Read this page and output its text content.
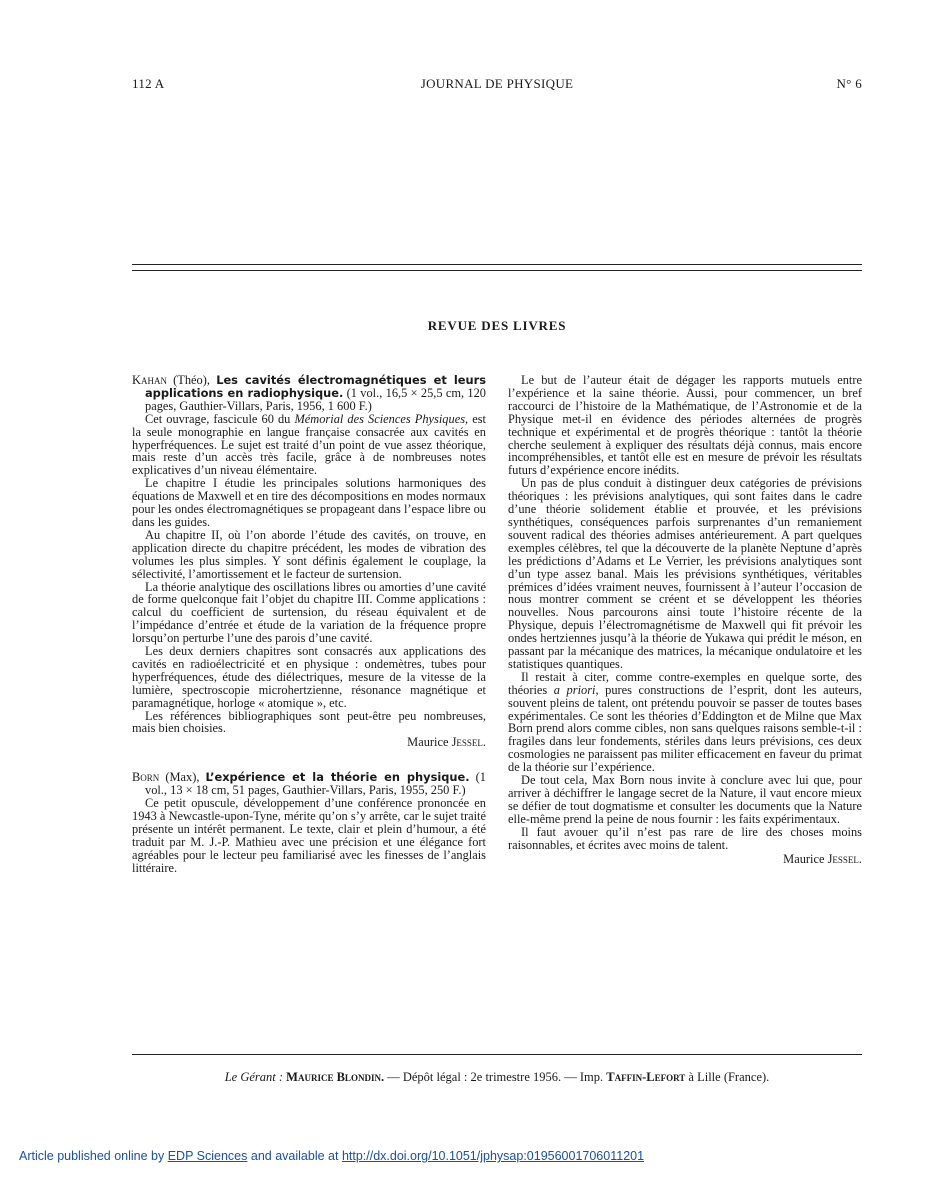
112 A	JOURNAL DE PHYSIQUE	N° 6
REVUE DES LIVRES

Kahan (Théo), Les cavités électromagnétiques et leurs applications en radiophysique. (1 vol., 16,5 × 25,5 cm, 120 pages, Gauthier-Villars, Paris, 1956, 1 600 F.)

Cet ouvrage, fascicule 60 du Mémorial des Sciences Physiques, est la seule monographie en langue française consacrée aux cavités en hyperfréquences. Le sujet est traité d’un point de vue assez théorique, mais reste d’un accès très facile, grâce à de nombreuses notes explicatives d’un niveau élémentaire.

Le chapitre I étudie les principales solutions harmoniques des équations de Maxwell et en tire des décompositions en modes normaux pour les ondes électromagnétiques se propageant dans l’espace libre ou dans les guides.

Au chapitre II, où l’on aborde l’étude des cavités, on trouve, en application directe du chapitre précédent, les modes de vibration des volumes les plus simples. Y sont définis également le couplage, la sélectivité, l’amortissement et le facteur de surtension.

La théorie analytique des oscillations libres ou amorties d’une cavité de forme quelconque fait l’objet du chapitre III. Comme applications : calcul du coefficient de surtension, du réseau équivalent et de l’impédance d’entrée et étude de la variation de la fréquence propre lorsqu’on perturbe l’une des parois d’une cavité.

Les deux derniers chapitres sont consacrés aux applications des cavités en radioélectricité et en physique : ondemètres, tubes pour hyperfréquences, étude des diélectriques, mesure de la vitesse de la lumière, spectroscopie microhertzienne, résonance magnétique et paramagnétique, horloge « atomique », etc.

Les références bibliographiques sont peut-être peu nombreuses, mais bien choisies.

Maurice Jessel.

Born (Max), L’expérience et la théorie en physique. (1 vol., 13 × 18 cm, 51 pages, Gauthier-Villars, Paris, 1955, 250 F.)

Ce petit opuscule, développement d’une conférence prononcée en 1943 à Newcastle-upon-Tyne, mérite qu’on s’y arrête, car le sujet traité présente un intérêt permanent. Le texte, clair et plein d’humour, a été traduit par M. J.-P. Mathieu avec une précision et une élégance fort agréables pour le lecteur peu familiarisé avec les finesses de l’anglais littéraire.

Le but de l’auteur était de dégager les rapports mutuels entre l’expérience et la saine théorie. Aussi, pour commencer, un bref raccourci de l’histoire de la Mathématique, de l’Astronomie et de la Physique met-il en évidence des périodes alternées de progrès technique et expérimental et de progrès théorique : tantôt la théorie cherche seulement à expliquer des résultats déjà connus, mais encore incompréhensibles, et tantôt elle est en mesure de prévoir les résultats futurs d’expérience encore inédits.

Un pas de plus conduit à distinguer deux catégories de prévisions théoriques : les prévisions analytiques, qui sont faites dans le cadre d’une théorie solidement établie et prouvée, et les prévisions synthétiques, conséquences parfois surprenantes d’un remaniement souvent radical des théories admises antérieurement. A part quelques exemples célèbres, tel que la découverte de la planète Neptune d’après les prédictions d’Adams et Le Verrier, les prévisions analytiques sont d’un type assez banal. Mais les prévisions synthétiques, véritables prémices d’idées vraiment neuves, fournissent à l’auteur l’occasion de nous montrer comment se créent et se développent les théories nouvelles. Nous parcourons ainsi toute l’histoire récente de la Physique, depuis l’électromagnétisme de Maxwell qui fit prévoir les ondes hertziennes jusqu’à la théorie de Yukawa qui prédit le méson, en passant par la mécanique des matrices, la mécanique ondulatoire et les statistiques quantiques.

Il restait à citer, comme contre-exemples en quelque sorte, des théories a priori, pures constructions de l’esprit, dont les auteurs, souvent pleins de talent, ont prétendu pouvoir se passer de toutes bases expérimentales. Ce sont les théories d’Eddington et de Milne que Max Born prend alors comme cibles, non sans quelques raisons semble-t-il : fragiles dans leur fondements, stériles dans leurs prévisions, ces deux cosmologies ne paraissent pas militer efficacement en faveur du primat de la théorie sur l’expérience.

De tout cela, Max Born nous invite à conclure avec lui que, pour arriver à déchiffrer le langage secret de la Nature, il vaut encore mieux se défier de tout dogmatisme et consulter les documents que la Nature elle-même prend la peine de nous fournir : les faits expérimentaux.

Il faut avouer qu’il n’est pas rare de lire des choses moins raisonnables, et écrites avec moins de talent.

Maurice Jessel.

Le Gérant : Maurice Blondin. — Dépôt légal : 2e trimestre 1956. — Imp. Taffin-Lefort à Lille (France).
Article published online by EDP Sciences and available at http://dx.doi.org/10.1051/jphysap:01956001706011201
